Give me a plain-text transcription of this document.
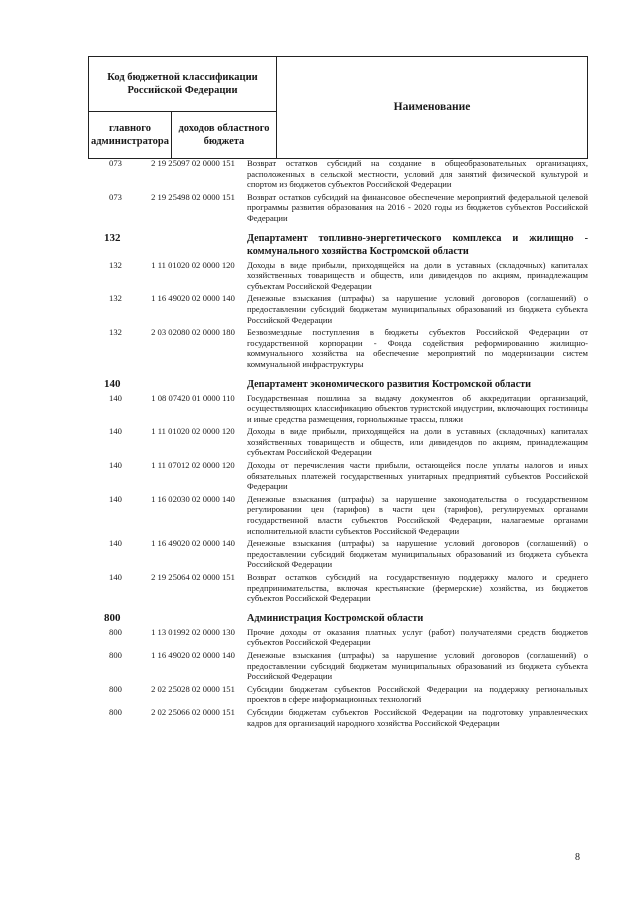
Код бюджетной классификации Российской Федерации		Наименование
главного администратора	доходов областного бюджета	
073	2 19 25097 02 0000 151	Возврат остатков субсидий на создание в общеобразовательных организациях, расположенных в сельской местности, условий для занятий физической культурой и спортом из бюджетов субъектов Российской Федерации
073	2 19 25498 02 0000 151	Возврат остатков субсидий на финансовое обеспечение мероприятий федеральной целевой программы развития образования на 2016 - 2020 годы из бюджетов субъектов Российской Федерации
132	Департамент топливно-энергетического комплекса и жилищно - коммунального хозяйства Костромской области
132	1 11 01020 02 0000 120	Доходы в виде прибыли, приходящейся на доли в уставных (складочных) капиталах хозяйственных товариществ и обществ, или дивидендов по акциям, принадлежащим субъектам Российской Федерации
132	1 16 49020 02 0000 140	Денежные взыскания (штрафы) за нарушение условий договоров (соглашений) о предоставлении субсидий бюджетам муниципальных образований из бюджета субъекта Российской Федерации
132	2 03 02080 02 0000 180	Безвозмездные поступления в бюджеты субъектов Российской Федерации от государственной корпорации - Фонда содействия реформированию жилищно-коммунального хозяйства на обеспечение мероприятий по модернизации систем коммунальной инфраструктуры
140	Департамент экономического развития Костромской области
140	1 08 07420 01 0000 110	Государственная пошлина за выдачу документов об аккредитации организаций, осуществляющих классификацию объектов туристской индустрии, включающих гостиницы и иные средства размещения, горнолыжные трассы, пляжи
140	1 11 01020 02 0000 120	Доходы в виде прибыли, приходящейся на доли в уставных (складочных) капиталах хозяйственных товариществ и обществ, или дивидендов по акциям, принадлежащим субъектам Российской Федерации
140	1 11 07012 02 0000 120	Доходы от перечисления части прибыли, остающейся после уплаты налогов и иных обязательных платежей государственных унитарных предприятий субъектов Российской Федерации
140	1 16 02030 02 0000 140	Денежные взыскания (штрафы) за нарушение законодательства о государственном регулировании цен (тарифов) в части цен (тарифов), регулируемых органами государственной власти субъектов Российской Федерации, налагаемые органами исполнительной власти субъектов Российской Федерации
140	1 16 49020 02 0000 140	Денежные взыскания (штрафы) за нарушение условий договоров (соглашений) о предоставлении субсидий бюджетам муниципальных образований из бюджета субъекта Российской Федерации
140	2 19 25064 02 0000 151	Возврат остатков субсидий на государственную поддержку малого и среднего предпринимательства, включая крестьянские (фермерские) хозяйства, из бюджетов субъектов Российской Федерации
800	Администрация Костромской области
800	1 13 01992 02 0000 130	Прочие доходы от оказания платных услуг (работ) получателями средств бюджетов субъектов Российской Федерации
800	1 16 49020 02 0000 140	Денежные взыскания (штрафы) за нарушение условий договоров (соглашений) о предоставлении субсидий бюджетам муниципальных образований из бюджета субъекта Российской Федерации
800	2 02 25028 02 0000 151	Субсидии бюджетам субъектов Российской Федерации на поддержку региональных проектов в сфере информационных технологий
800	2 02 25066 02 0000 151	Субсидии бюджетам субъектов Российской Федерации на подготовку управленческих кадров для организаций народного хозяйства Российской Федерации
8
